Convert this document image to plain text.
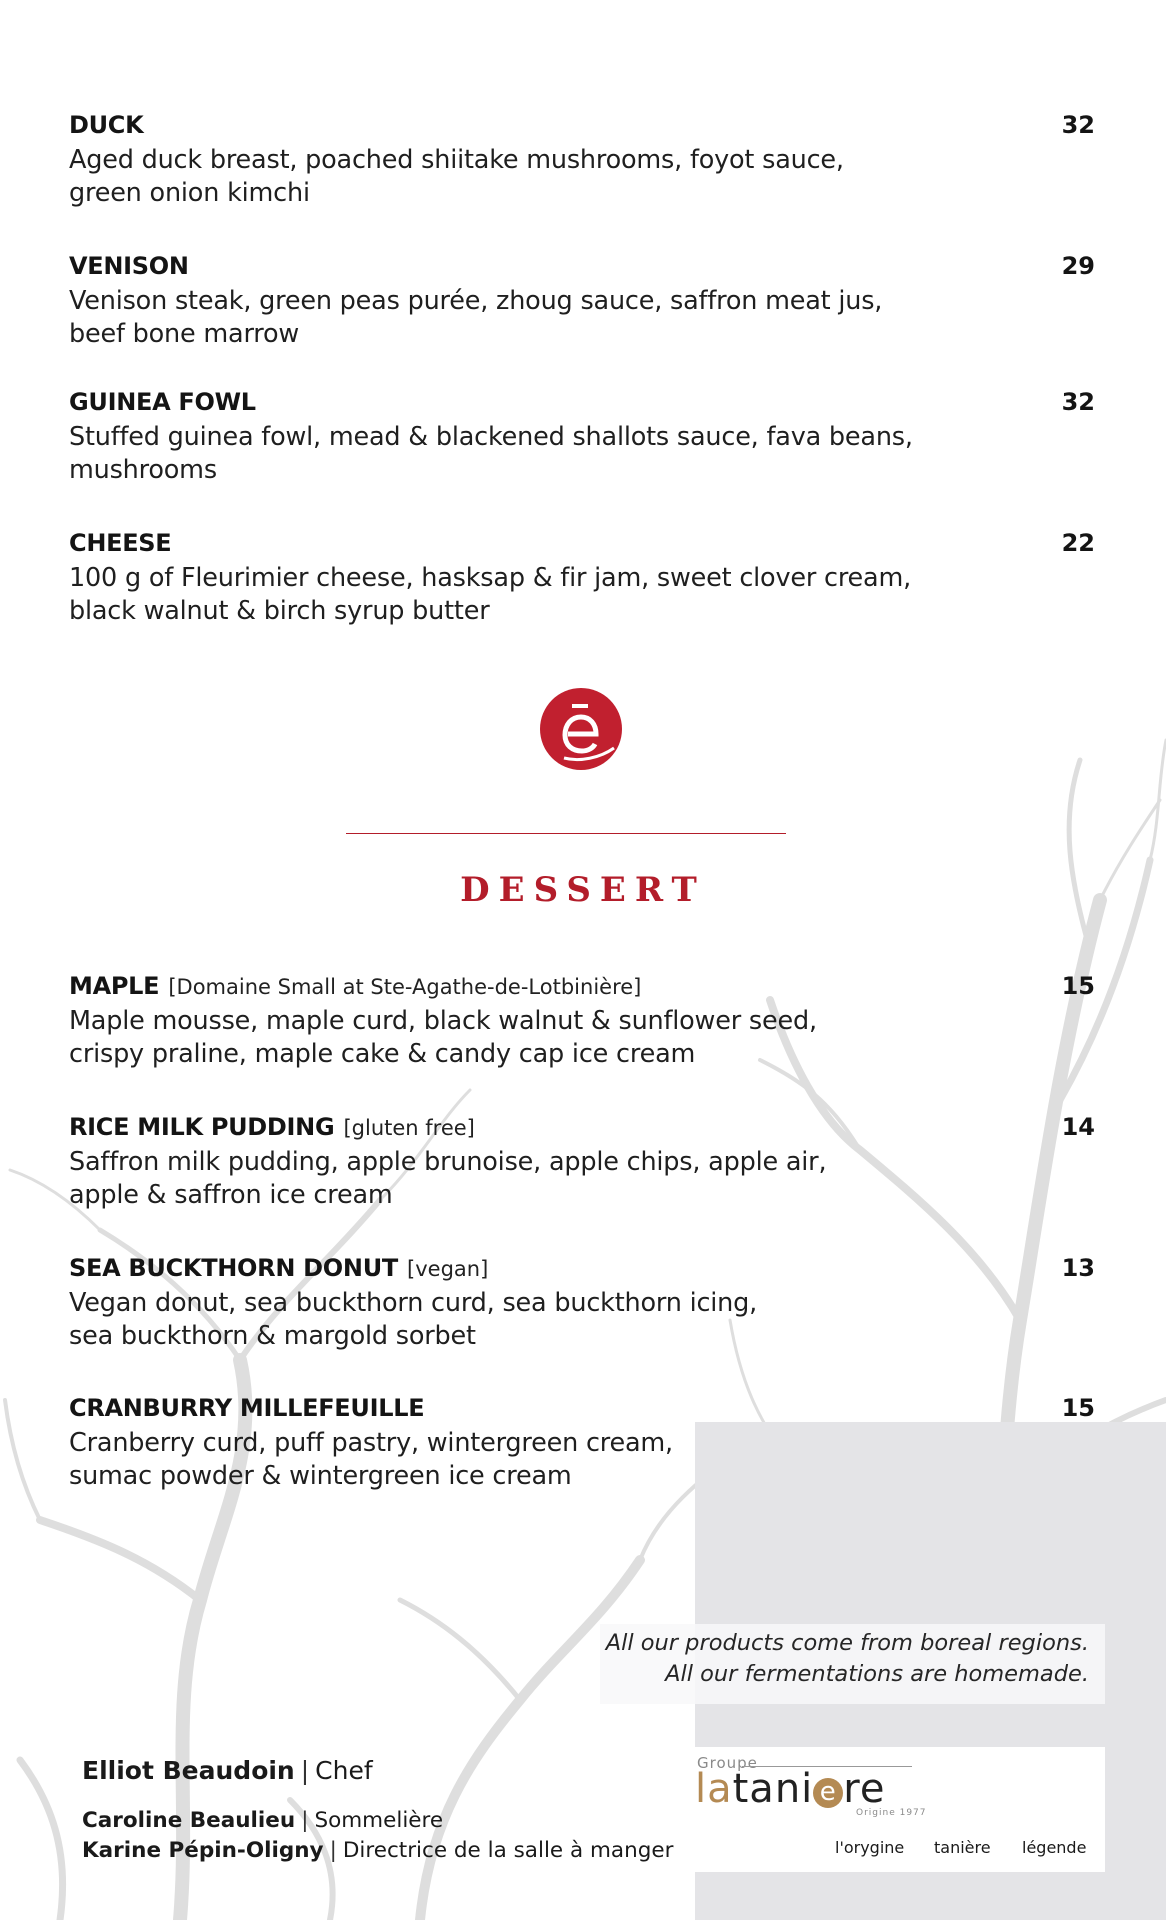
DUCK	32
Aged duck breast, poached shiitake mushrooms, foyot sauce,
green onion kimchi
VENISON	29
Venison steak, green peas purée, zhoug sauce, saffron meat jus,
beef bone marrow
GUINEA FOWL	32
Stuffed guinea fowl, mead & blackened shallots sauce, fava beans,
mushrooms
CHEESE	22
100 g of Fleurimier cheese, hasksap & fir jam, sweet clover cream,
black walnut & birch syrup butter
DESSERT
MAPLE [Domaine Small at Ste-Agathe-de-Lotbinière]	15
Maple mousse, maple curd, black walnut & sunflower seed,
crispy praline, maple cake & candy cap ice cream
RICE MILK PUDDING [gluten free]	14
Saffron milk pudding, apple brunoise, apple chips, apple air,
apple & saffron ice cream
SEA BUCKTHORN DONUT [vegan]	13
Vegan donut, sea buckthorn curd, sea buckthorn icing,
sea buckthorn & margold sorbet
CRANBURRY MILLEFEUILLE	15
Cranberry curd, puff pastry, wintergreen cream,
sumac powder & wintergreen ice cream
All our products come from boreal regions.
All our fermentations are homemade.
Elliot Beaudoin | Chef
Caroline Beaulieu | Sommelière
Karine Pépin-Oligny | Directrice de la salle à manger
Groupe
latani e re
Origine 1977
l'orygine tanière légende
